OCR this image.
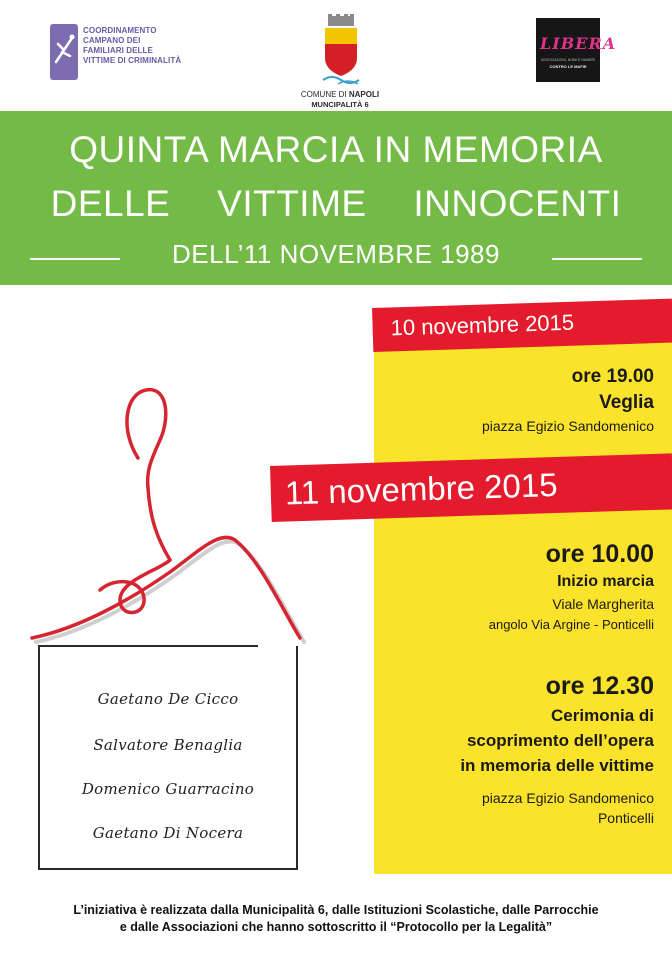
COORDINAMENTO
CAMPANO DEI
FAMILIARI DELLE
VITTIME DI CRIMINALITÀ
COMUNE DI NAPOLI
MUNCIPALITÀ 6
LIBERA
ASSOCIAZIONI, NOMI E NUMERI
CONTRO LE MAFIE
QUINTA MARCIA IN MEMORIA
DELLE VITTIME INNOCENTI
DELL’11 NOVEMBRE 1989
10 novembre 2015
ore 19.00
Veglia
piazza Egizio Sandomenico
11 novembre 2015
ore 10.00
Inizio marcia
Viale Margherita
angolo Via Argine - Ponticelli
ore 12.30
Cerimonia di
scoprimento dell’opera
in memoria delle vittime
piazza Egizio Sandomenico
Ponticelli
Gaetano De Cicco
Salvatore Benaglia
Domenico Guarracino
Gaetano Di Nocera
L’iniziativa è realizzata dalla Municipalità 6, dalle Istituzioni Scolastiche, dalle Parrocchie
e dalle Associazioni che hanno sottoscritto il “Protocollo per la Legalità”
